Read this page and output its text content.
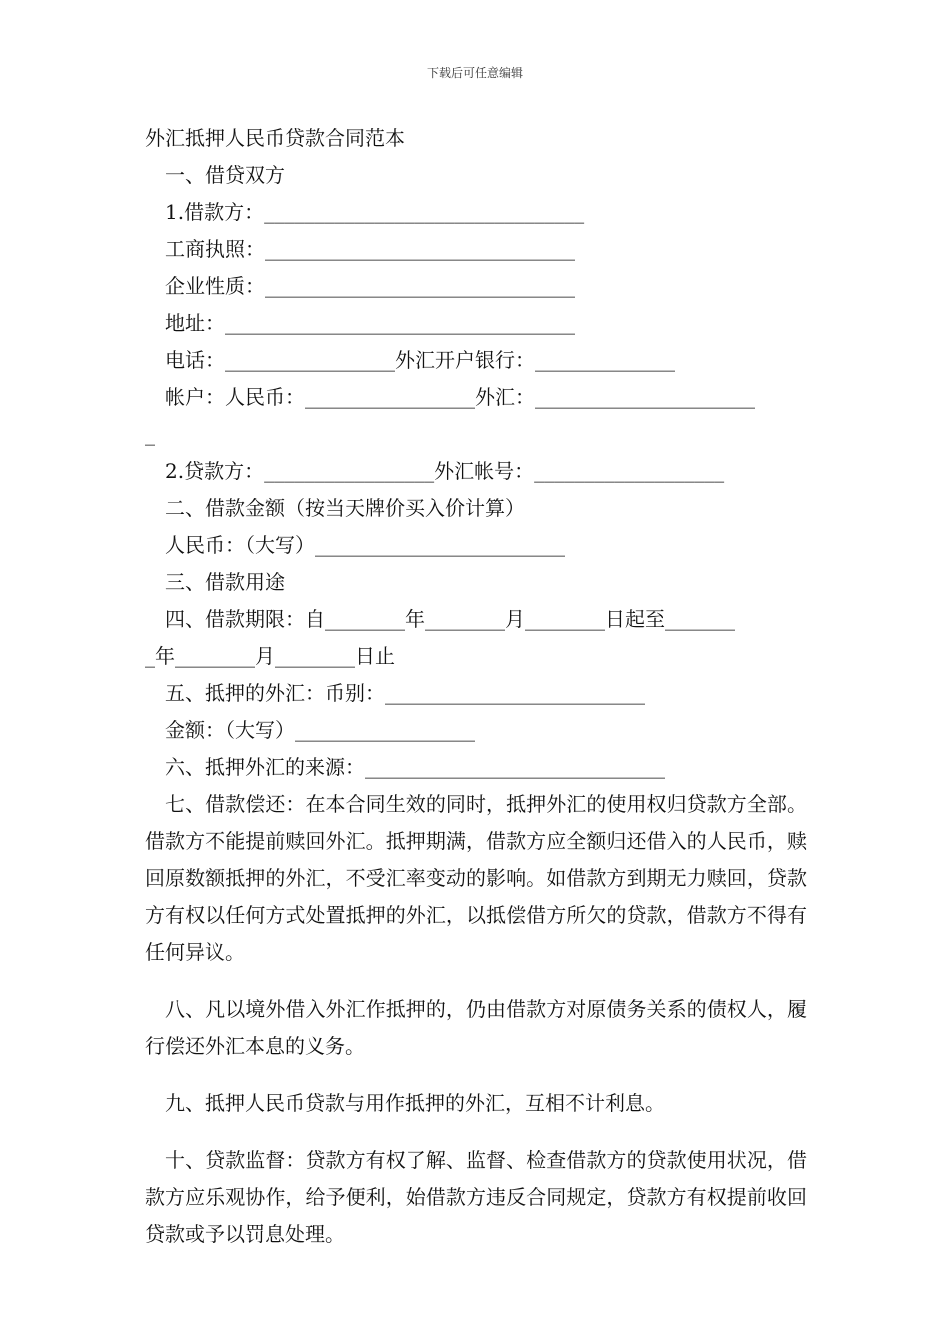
下载后可任意编辑
外汇抵押人民币贷款合同范本
一、借贷双方
1.借款方：________________________________
工商执照：_______________________________
企业性质：_______________________________
地址：___________________________________
电话：_________________外汇开户银行：______________
帐户：人民币：_________________外汇：______________________
_
2.贷款方：_________________外汇帐号：___________________
二、借款金额（按当天牌价买入价计算）
人民币：（大写）_________________________
三、借款用途
四、借款期限：自________年________月________日起至_______
_年________月________日止
五、抵押的外汇：币别：__________________________
金额：（大写）__________________
六、抵押外汇的来源：______________________________

七、借款偿还：在本合同生效的同时，抵押外汇的使用权归贷款方全部。借款方不能提前赎回外汇。抵押期满，借款方应全额归还借入的人民币，赎回原数额抵押的外汇，不受汇率变动的影响。如借款方到期无力赎回，贷款方有权以任何方式处置抵押的外汇，以抵偿借方所欠的贷款，借款方不得有任何异议。

八、凡以境外借入外汇作抵押的，仍由借款方对原债务关系的债权人，履行偿还外汇本息的义务。

九、抵押人民币贷款与用作抵押的外汇，互相不计利息。

十、贷款监督：贷款方有权了解、监督、检查借款方的贷款使用状况，借款方应乐观协作，给予便利，始借款方违反合同规定，贷款方有权提前收回贷款或予以罚息处理。
